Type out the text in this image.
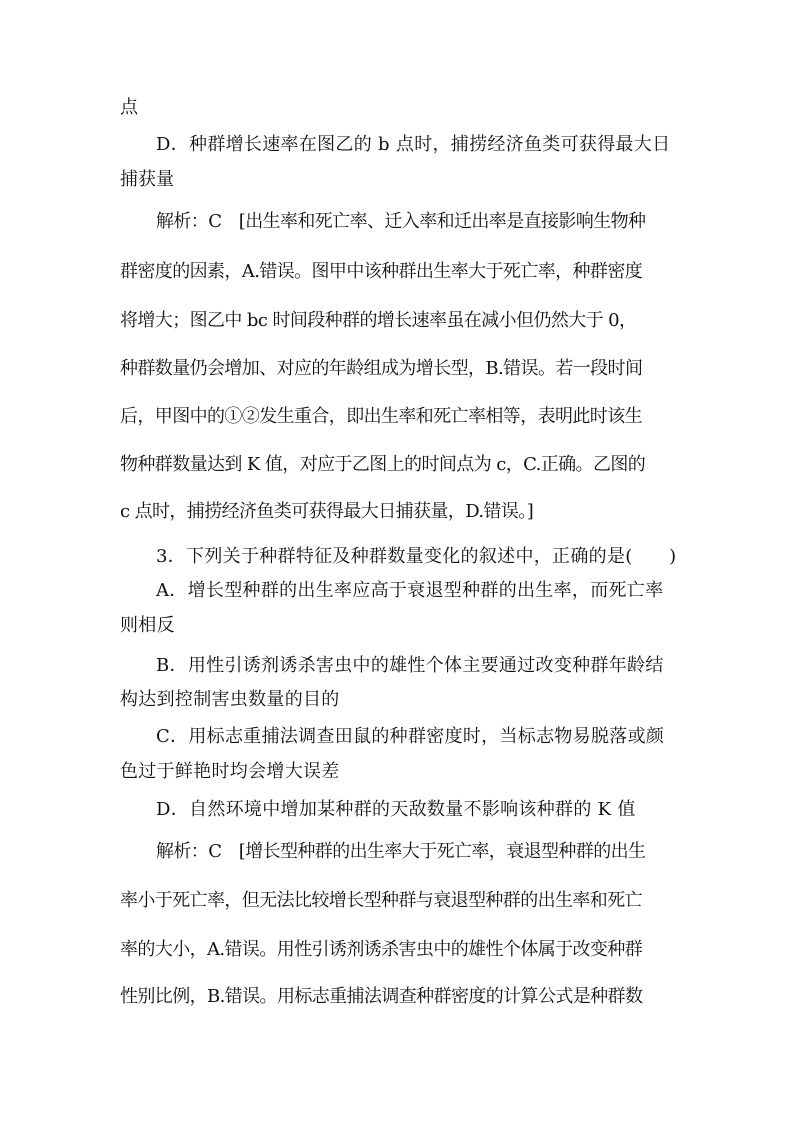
点
D．种群增长速率在图乙的 b 点时，捕捞经济鱼类可获得最大日
捕获量
解析：C　[出生率和死亡率、迁入率和迁出率是直接影响生物种
群密度的因素，A.错误。图甲中该种群出生率大于死亡率，种群密度
将增大；图乙中 bc 时间段种群的增长速率虽在减小但仍然大于 0，
种群数量仍会增加、对应的年龄组成为增长型，B.错误。若一段时间
后，甲图中的①②发生重合，即出生率和死亡率相等，表明此时该生
物种群数量达到 K 值，对应于乙图上的时间点为 c，C.正确。乙图的
c 点时，捕捞经济鱼类可获得最大日捕获量，D.错误。]
3．下列关于种群特征及种群数量变化的叙述中，正确的是(　　)
A．增长型种群的出生率应高于衰退型种群的出生率，而死亡率
则相反
B．用性引诱剂诱杀害虫中的雄性个体主要通过改变种群年龄结
构达到控制害虫数量的目的
C．用标志重捕法调查田鼠的种群密度时，当标志物易脱落或颜
色过于鲜艳时均会增大误差
D．自然环境中增加某种群的天敌数量不影响该种群的 K 值
解析：C　[增长型种群的出生率大于死亡率，衰退型种群的出生
率小于死亡率，但无法比较增长型种群与衰退型种群的出生率和死亡
率的大小，A.错误。用性引诱剂诱杀害虫中的雄性个体属于改变种群
性别比例，B.错误。用标志重捕法调查种群密度的计算公式是种群数
